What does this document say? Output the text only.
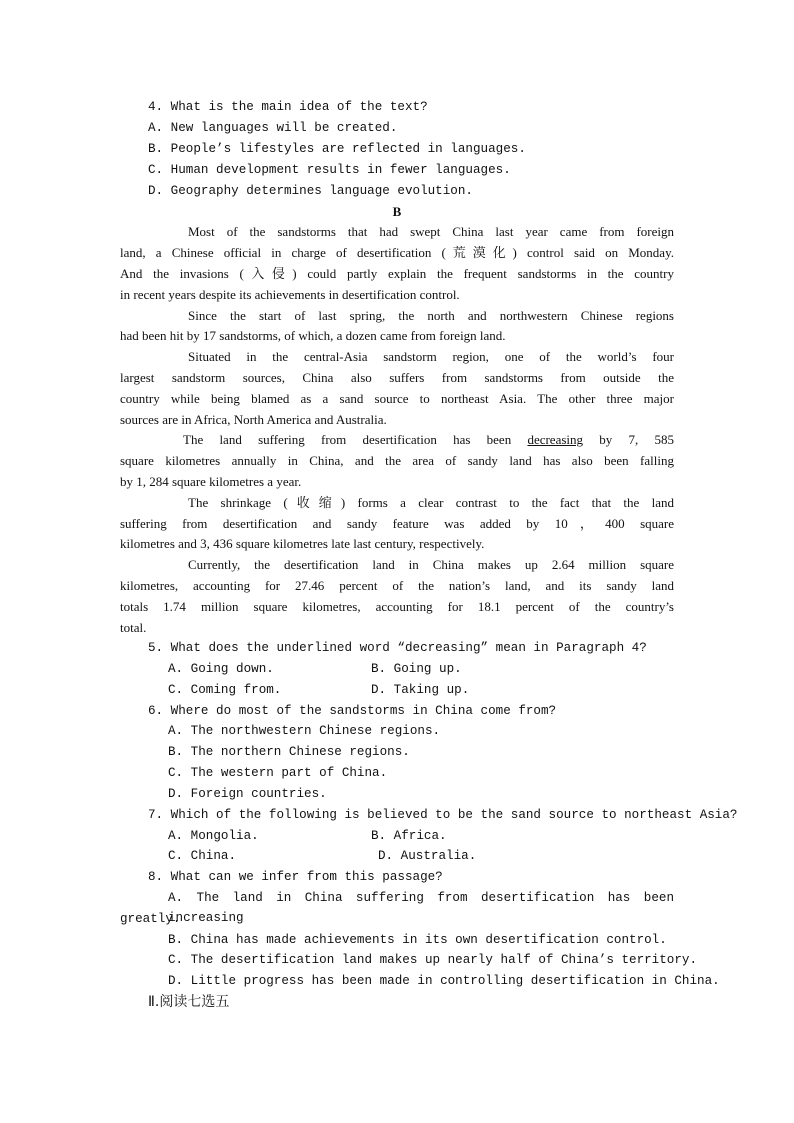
4. What is the main idea of the text?
A. New languages will be created.
B. People’s lifestyles are reflected in languages.
C. Human development results in fewer languages.
D. Geography determines language evolution.
B
Most of the sandstorms that had swept China last year came from foreign
land, a Chinese official in charge of desertification (荒漠化) control said on Monday.
And the invasions (入侵) could partly explain the frequent sandstorms in the country
in recent years despite its achievements in desertification control.
Since the start of last spring, the north and northwestern Chinese regions
had been hit by 17 sandstorms, of which, a dozen came from foreign land.
Situated in the central-Asia sandstorm region, one of the world’s four
largest sandstorm sources, China also suffers from sandstorms from outside the
country while being blamed as a sand source to northeast Asia. The other three major
sources are in Africa, North America and Australia.
The land suffering from desertification has been decreasing by 7, 585
square kilometres annually in China, and the area of sandy land has also been falling
by 1, 284 square kilometres a year.
The shrinkage (收缩) forms a clear contrast to the fact that the land
suffering from desertification and sandy feature was added by 10，400 square
kilometres and 3, 436 square kilometres late last century, respectively.
Currently, the desertification land in China makes up 2.64 million square
kilometres, accounting for 27.46 percent of the nation’s land, and its sandy land
totals 1.74 million square kilometres, accounting for 18.1 percent of the country’s
total.
5. What does the underlined word “decreasing” mean in Paragraph 4?
A. Going down.	B. Going up.
C. Coming from.	D. Taking up.
6. Where do most of the sandstorms in China come from?
A. The northwestern Chinese regions.
B. The northern Chinese regions.
C. The western part of China.
D. Foreign countries.
7. Which of the following is believed to be the sand source to northeast Asia?
A. Mongolia.	B. Africa.
C. China.	D. Australia.
8. What can we infer from this passage?
A. The land in China suffering from desertification has been increasing
greatly.
B. China has made achievements in its own desertification control.
C. The desertification land makes up nearly half of China’s territory.
D. Little progress has been made in controlling desertification in China.
Ⅱ.阅读七选五
